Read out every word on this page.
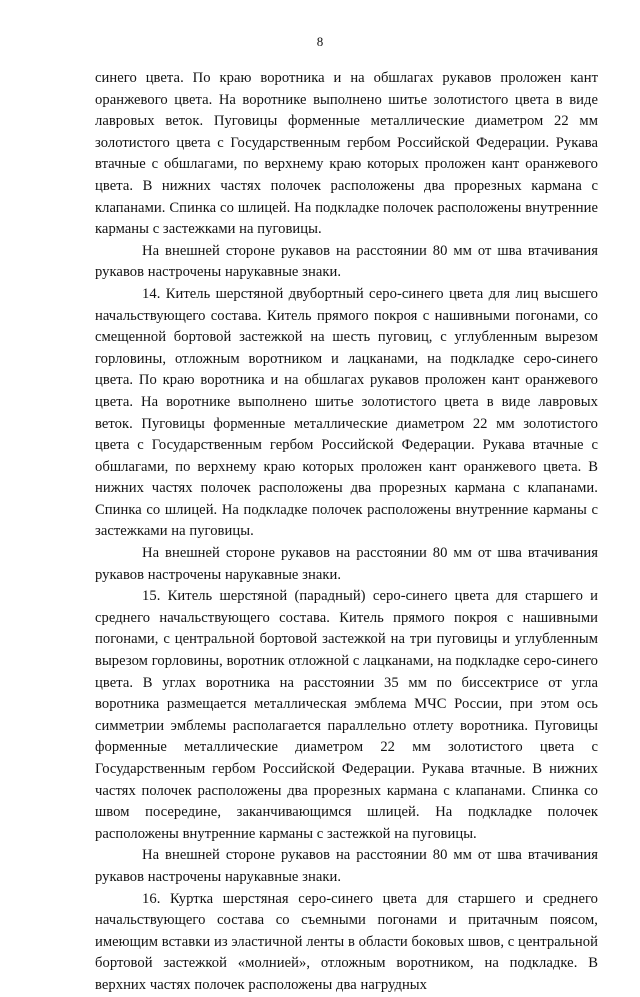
8

синего цвета. По краю воротника и на обшлагах рукавов проложен кант оранжевого цвета. На воротнике выполнено шитье золотистого цвета в виде лавровых веток. Пуговицы форменные металлические диаметром 22 мм золотистого цвета с Государственным гербом Российской Федерации. Рукава втачные с обшлагами, по верхнему краю которых проложен кант оранжевого цвета. В нижних частях полочек расположены два прорезных кармана с клапанами. Спинка со шлицей. На подкладке полочек расположены внутренние карманы с застежками на пуговицы.

На внешней стороне рукавов на расстоянии 80 мм от шва втачивания рукавов настрочены нарукавные знаки.

14. Китель шерстяной двубортный серо-синего цвета для лиц высшего начальствующего состава. Китель прямого покроя с нашивными погонами, со смещенной бортовой застежкой на шесть пуговиц, с углубленным вырезом горловины, отложным воротником и лацканами, на подкладке серо-синего цвета. По краю воротника и на обшлагах рукавов проложен кант оранжевого цвета. На воротнике выполнено шитье золотистого цвета в виде лавровых веток. Пуговицы форменные металлические диаметром 22 мм золотистого цвета с Государственным гербом Российской Федерации. Рукава втачные с обшлагами, по верхнему краю которых проложен кант оранжевого цвета. В нижних частях полочек расположены два прорезных кармана с клапанами. Спинка со шлицей. На подкладке полочек расположены внутренние карманы с застежками на пуговицы.

На внешней стороне рукавов на расстоянии 80 мм от шва втачивания рукавов настрочены нарукавные знаки.

15. Китель шерстяной (парадный) серо-синего цвета для старшего и среднего начальствующего состава. Китель прямого покроя с нашивными погонами, с центральной бортовой застежкой на три пуговицы и углубленным вырезом горловины, воротник отложной с лацканами, на подкладке серо-синего цвета. В углах воротника на расстоянии 35 мм по биссектрисе от угла воротника размещается металлическая эмблема МЧС России, при этом ось симметрии эмблемы располагается параллельно отлету воротника. Пуговицы форменные металлические диаметром 22 мм золотистого цвета с Государственным гербом Российской Федерации. Рукава втачные. В нижних частях полочек расположены два прорезных кармана с клапанами. Спинка со швом посередине, заканчивающимся шлицей. На подкладке полочек расположены внутренние карманы с застежкой на пуговицы.

На внешней стороне рукавов на расстоянии 80 мм от шва втачивания рукавов настрочены нарукавные знаки.

16. Куртка шерстяная серо-синего цвета для старшего и среднего начальствующего состава со съемными погонами и притачным поясом, имеющим вставки из эластичной ленты в области боковых швов, с центральной бортовой застежкой «молнией», отложным воротником, на подкладке. В верхних частях полочек расположены два нагрудных
